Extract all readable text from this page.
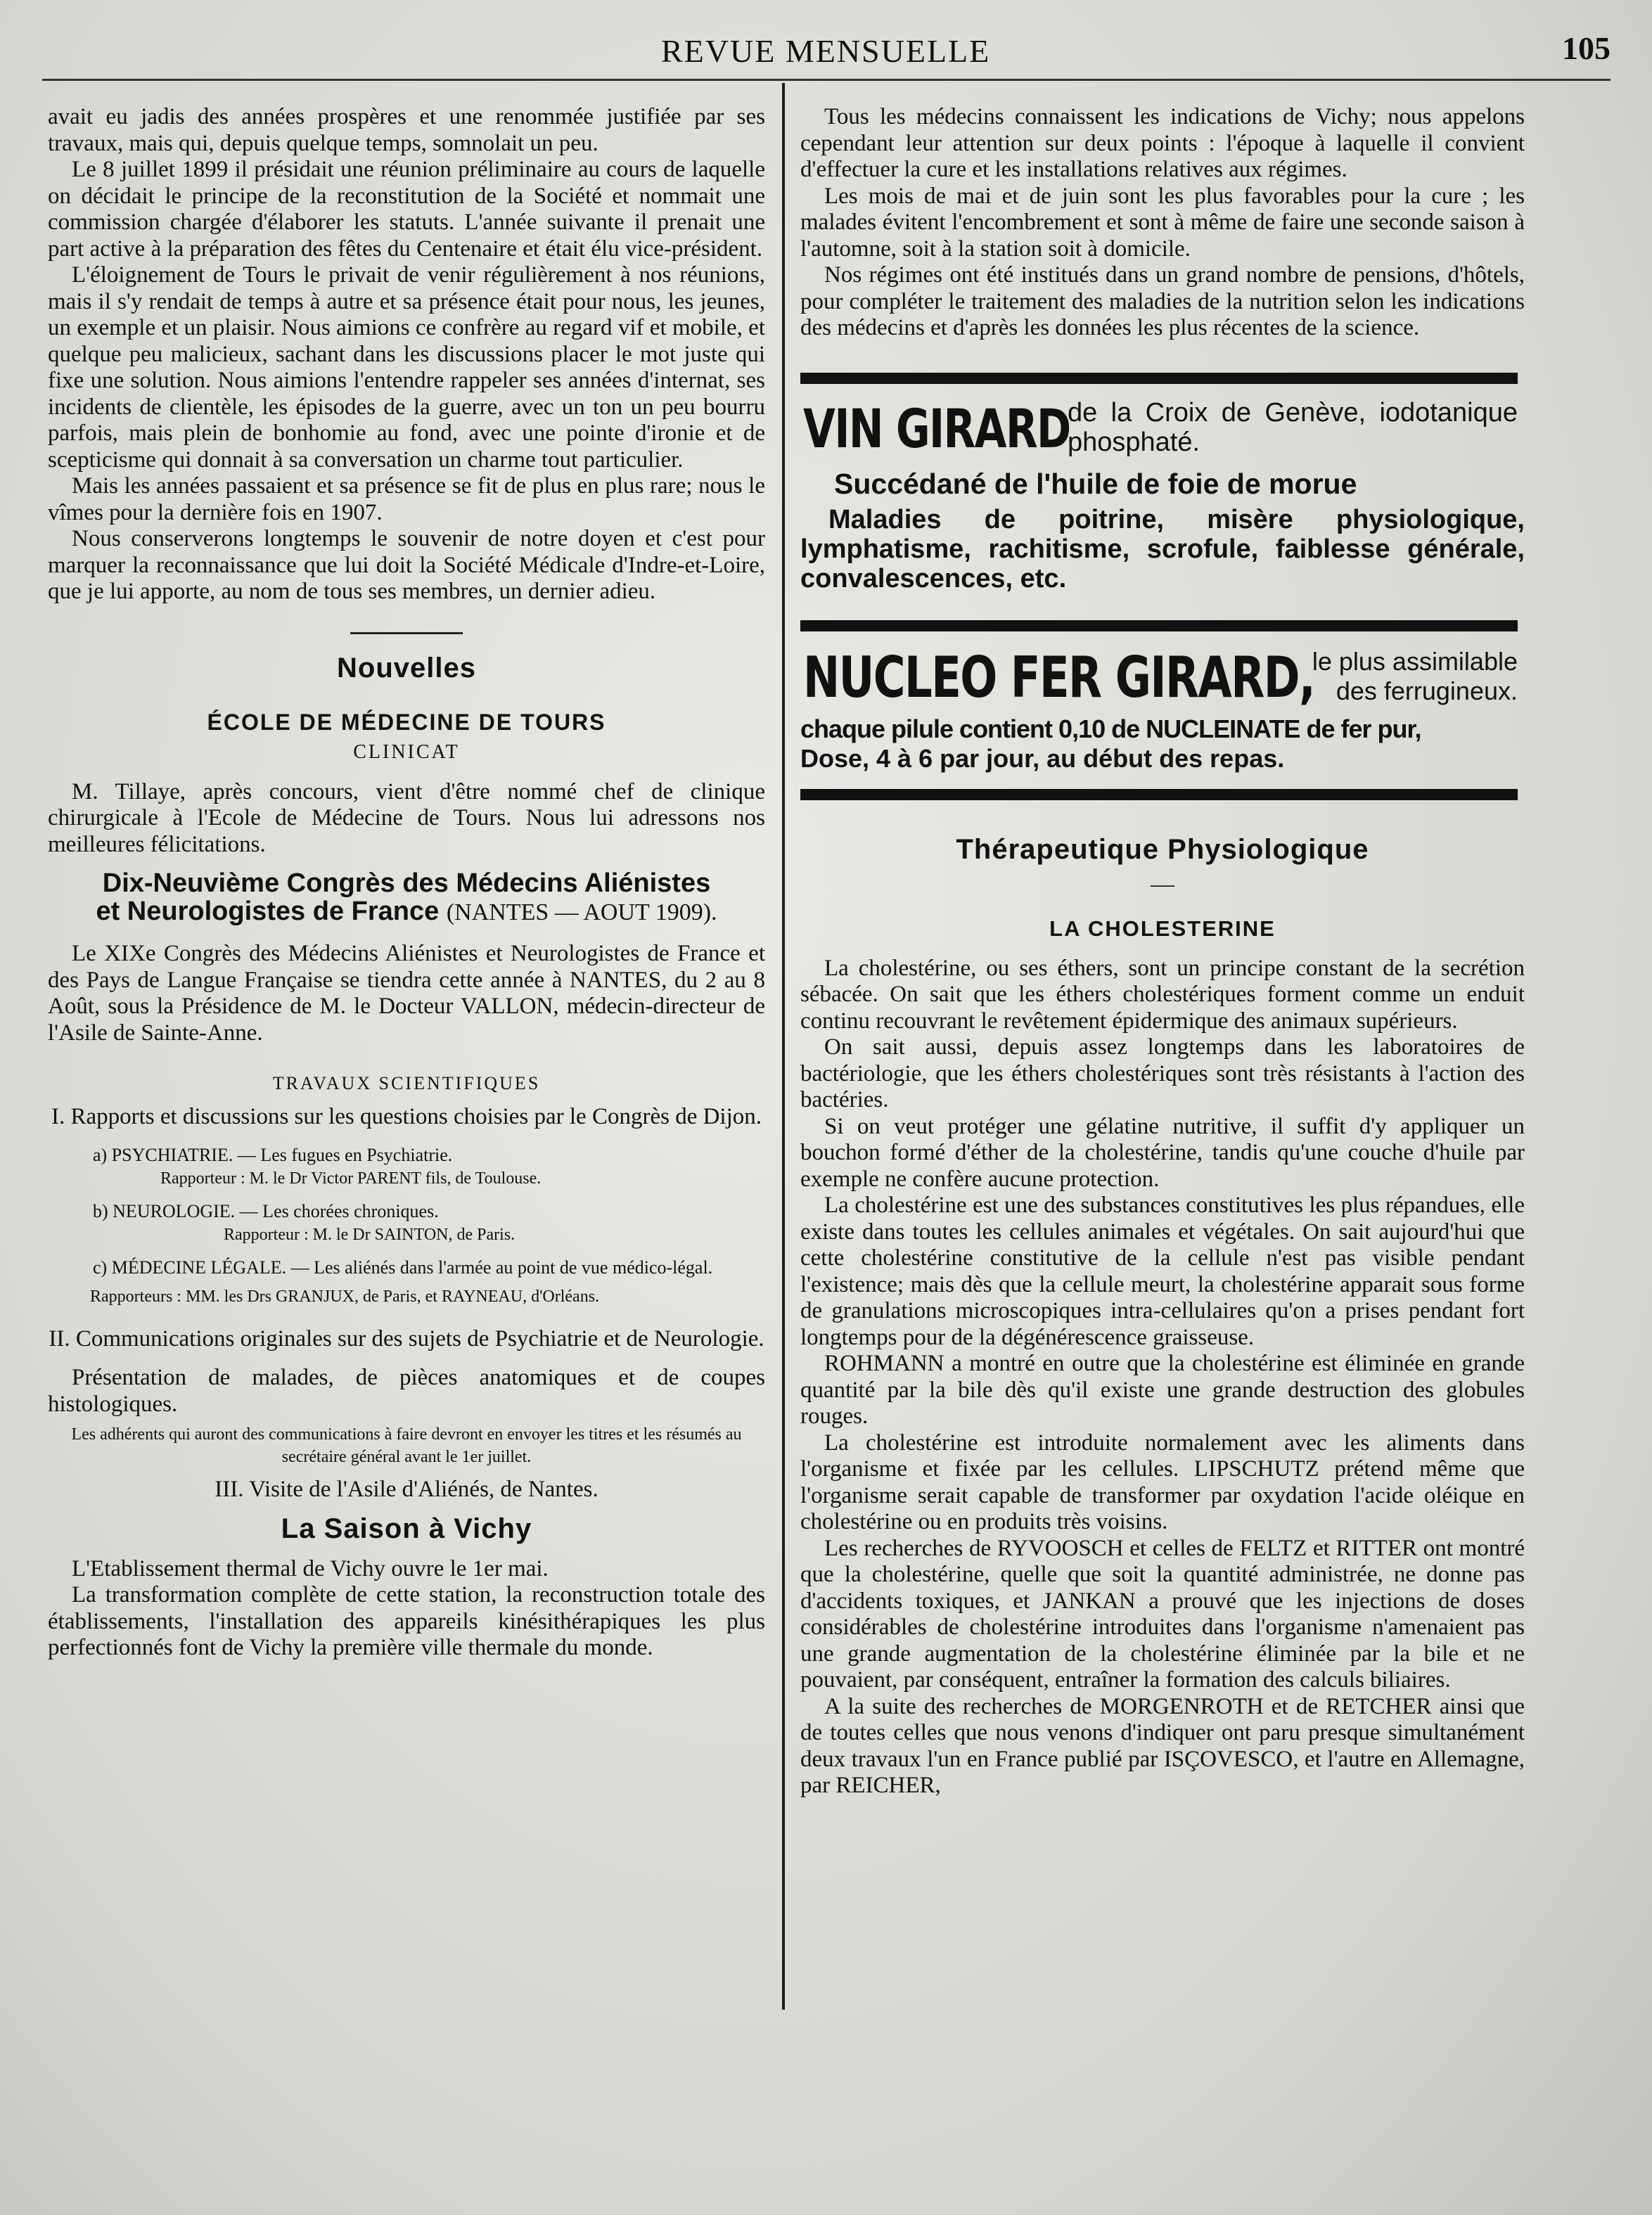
REVUE MENSUELLE	105

avait eu jadis des années prospères et une renommée justifiée par ses travaux, mais qui, depuis quelque temps, somnolait un peu.

Le 8 juillet 1899 il présidait une réunion préliminaire au cours de laquelle on décidait le principe de la reconstitution de la Société et nommait une commission chargée d'élaborer les statuts. L'année suivante il prenait une part active à la préparation des fêtes du Centenaire et était élu vice-président.

L'éloignement de Tours le privait de venir régulièrement à nos réunions, mais il s'y rendait de temps à autre et sa présence était pour nous, les jeunes, un exemple et un plaisir. Nous aimions ce confrère au regard vif et mobile, et quelque peu malicieux, sachant dans les discussions placer le mot juste qui fixe une solution. Nous aimions l'entendre rappeler ses années d'internat, ses incidents de clientèle, les épisodes de la guerre, avec un ton un peu bourru parfois, mais plein de bonhomie au fond, avec une pointe d'ironie et de scepticisme qui donnait à sa conversation un charme tout particulier.

Mais les années passaient et sa présence se fit de plus en plus rare; nous le vîmes pour la dernière fois en 1907.

Nous conserverons longtemps le souvenir de notre doyen et c'est pour marquer la reconnaissance que lui doit la Société Médicale d'Indre-et-Loire, que je lui apporte, au nom de tous ses membres, un dernier adieu.

Nouvelles
ÉCOLE DE MÉDECINE DE TOURS
CLINICAT

M. Tillaye, après concours, vient d'être nommé chef de clinique chirurgicale à l'Ecole de Médecine de Tours. Nous lui adressons nos meilleures félicitations.

Dix-Neuvième Congrès des Médecins Aliénistes
et Neurologistes de France (NANTES — AOUT 1909).

Le XIXe Congrès des Médecins Aliénistes et Neurologistes de France et des Pays de Langue Française se tiendra cette année à NANTES, du 2 au 8 Août, sous la Présidence de M. le Docteur VALLON, médecin-directeur de l'Asile de Sainte-Anne.

TRAVAUX SCIENTIFIQUES

I. Rapports et discussions sur les questions choisies par le Congrès de Dijon.

a) PSYCHIATRIE. — Les fugues en Psychiatrie.

Rapporteur : M. le Dr Victor PARENT fils, de Toulouse.

b) NEUROLOGIE. — Les chorées chroniques.

Rapporteur : M. le Dr SAINTON, de Paris.

c) MÉDECINE LÉGALE. — Les aliénés dans l'armée au point de vue médico-légal.

Rapporteurs : MM. les Drs GRANJUX, de Paris, et RAYNEAU, d'Orléans.

II. Communications originales sur des sujets de Psychiatrie et de Neurologie.

Présentation de malades, de pièces anatomiques et de coupes histologiques.

Les adhérents qui auront des communications à faire devront en envoyer les titres et les résumés au secrétaire général avant le 1er juillet.

III. Visite de l'Asile d'Aliénés, de Nantes.

La Saison à Vichy

L'Etablissement thermal de Vichy ouvre le 1er mai.

La transformation complète de cette station, la reconstruction totale des établissements, l'installation des appareils kinésithérapiques les plus perfectionnés font de Vichy la première ville thermale du monde.

Tous les médecins connaissent les indications de Vichy; nous appelons cependant leur attention sur deux points : l'époque à laquelle il convient d'effectuer la cure et les installations relatives aux régimes.

Les mois de mai et de juin sont les plus favorables pour la cure ; les malades évitent l'encombrement et sont à même de faire une seconde saison à l'automne, soit à la station soit à domicile.

Nos régimes ont été institués dans un grand nombre de pensions, d'hôtels, pour compléter le traitement des maladies de la nutrition selon les indications des médecins et d'après les données les plus récentes de la science.

VIN GIRARD
de la Croix de Genève, iodotanique phosphaté.
Succédané de l'huile de foie de morue

Maladies de poitrine, misère physiologique, lymphatisme, rachitisme, scrofule, faiblesse générale, convalescences, etc.

NUCLEO FER GIRARD,
le plus assimilable des ferrugineux.
chaque pilule contient 0,10 de NUCLEINATE de fer pur,
Dose, 4 à 6 par jour, au début des repas.
Thérapeutique Physiologique
—
LA CHOLESTERINE

La cholestérine, ou ses éthers, sont un principe constant de la secrétion sébacée. On sait que les éthers cholestériques forment comme un enduit continu recouvrant le revêtement épidermique des animaux supérieurs.

On sait aussi, depuis assez longtemps dans les laboratoires de bactériologie, que les éthers cholestériques sont très résistants à l'action des bactéries.

Si on veut protéger une gélatine nutritive, il suffit d'y appliquer un bouchon formé d'éther de la cholestérine, tandis qu'une couche d'huile par exemple ne confère aucune protection.

La cholestérine est une des substances constitutives les plus répandues, elle existe dans toutes les cellules animales et végétales. On sait aujourd'hui que cette cholestérine constitutive de la cellule n'est pas visible pendant l'existence; mais dès que la cellule meurt, la cholestérine apparait sous forme de granulations microscopiques intra-cellulaires qu'on a prises pendant fort longtemps pour de la dégénérescence graisseuse.

ROHMANN a montré en outre que la cholestérine est éliminée en grande quantité par la bile dès qu'il existe une grande destruction des globules rouges.

La cholestérine est introduite normalement avec les aliments dans l'organisme et fixée par les cellules. LIPSCHUTZ prétend même que l'organisme serait capable de transformer par oxydation l'acide oléique en cholestérine ou en produits très voisins.

Les recherches de RYVOOSCH et celles de FELTZ et RITTER ont montré que la cholestérine, quelle que soit la quantité administrée, ne donne pas d'accidents toxiques, et JANKAN a prouvé que les injections de doses considérables de cholestérine introduites dans l'organisme n'amenaient pas une grande augmentation de la cholestérine éliminée par la bile et ne pouvaient, par conséquent, entraîner la formation des calculs biliaires.

A la suite des recherches de MORGENROTH et de RETCHER ainsi que de toutes celles que nous venons d'indiquer ont paru presque simultanément deux travaux l'un en France publié par ISÇOVESCO, et l'autre en Allemagne, par REICHER,
